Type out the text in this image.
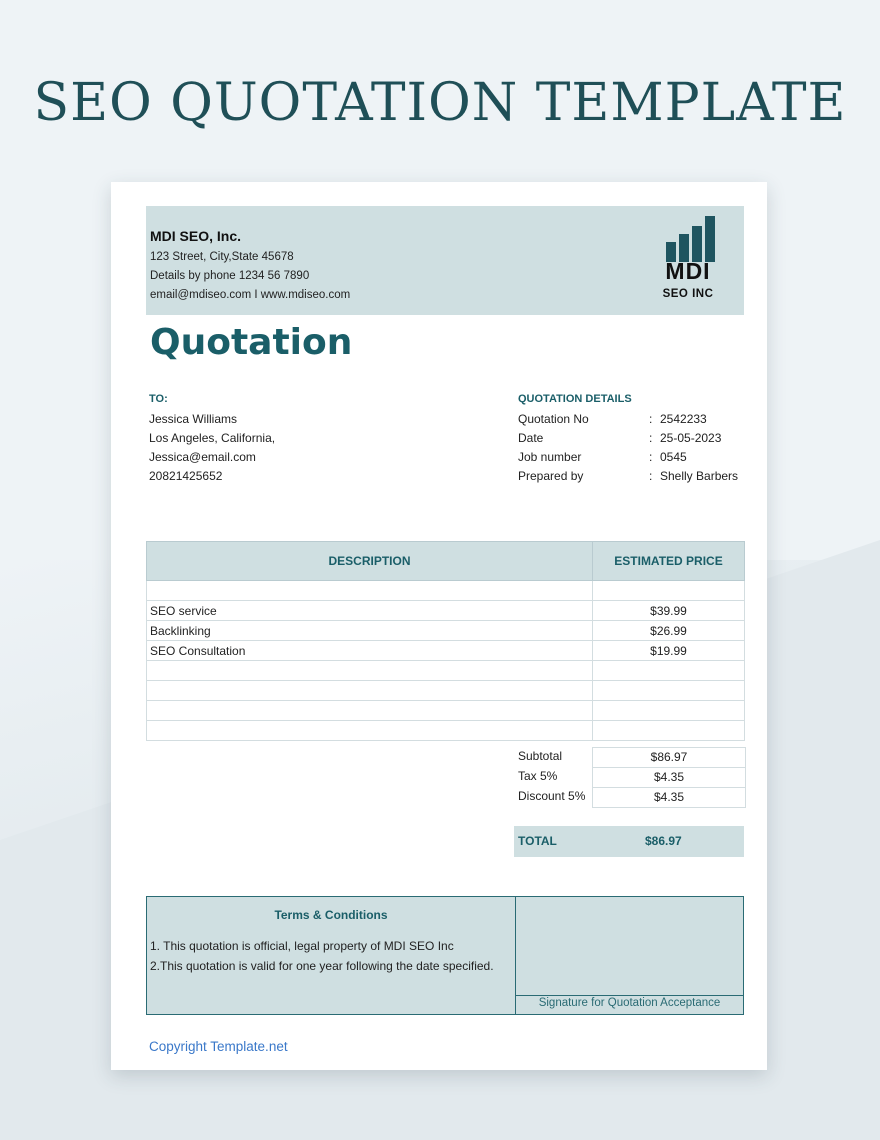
SEO QUOTATION TEMPLATE
MDI SEO, Inc.
123 Street, City,State 45678
Details by phone 1234 56 7890
email@mdiseo.com I www.mdiseo.com
MDI
SEO INC
Quotation
TO:
Jessica Williams
Los Angeles, California,
Jessica@email.com
20821425652
QUOTATION DETAILS
Quotation No	: 2542233
Date	: 25-05-2023
Job number	: 0545
Prepared by	: Shelly Barbers
DESCRIPTION	ESTIMATED PRICE

SEO service	$39.99
Backlinking	$26.99
SEO Consultation	$19.99

Subtotal	$86.97
Tax 5%	$4.35
Discount 5%	$4.35
TOTAL	$86.97
Terms & Conditions
1. This quotation is official, legal property of MDI SEO Inc
2.This quotation is valid for one year following the date specified.
Signature for Quotation Acceptance
Copyright Template.net
